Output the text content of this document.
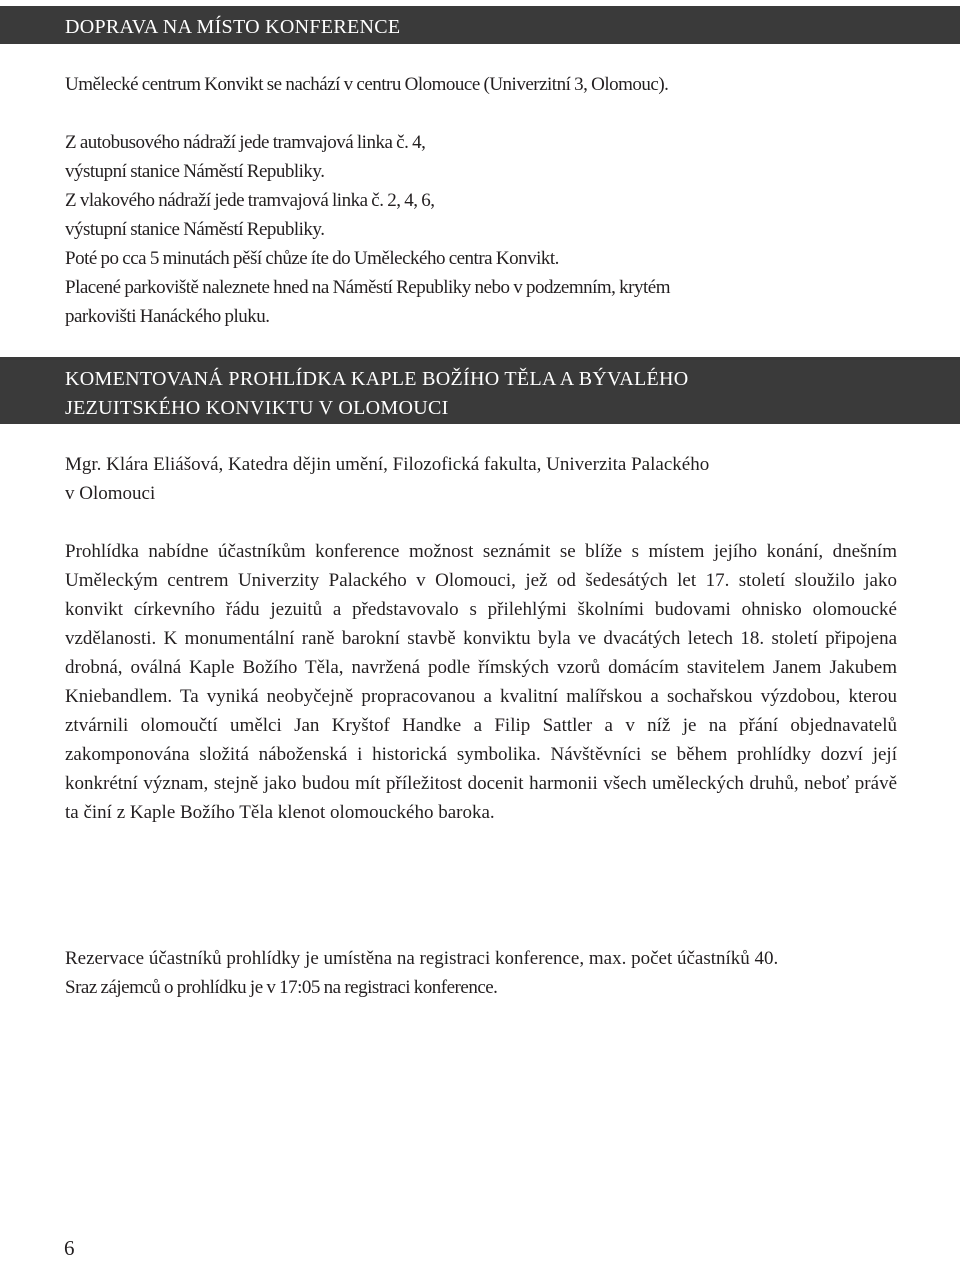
DOPRAVA NA MÍSTO KONFERENCE

Umělecké centrum Konvikt se nachází v centru Olomouce (Univerzitní 3, Olomouc).

Z autobusového nádraží jede tramvajová linka č. 4,

výstupní stanice Náměstí Republiky.

Z vlakového nádraží jede tramvajová linka č. 2, 4, 6,

výstupní stanice Náměstí Republiky.

Poté po cca 5 minutách pěší chůze íte do Uměleckého centra Konvikt.

Placené parkoviště naleznete hned na Náměstí Republiky nebo v podzemním, krytém

parkovišti Hanáckého pluku.

KOMENTOVANÁ PROHLÍDKA KAPLE BOŽÍHO TĚLA A BÝVALÉHO
JEZUITSKÉHO KONVIKTU V OLOMOUCI

Mgr. Klára Eliášová, Katedra dějin umění, Filozofická fakulta, Univerzita Palackého

v Olomouci

Prohlídka nabídne účastníkům konference možnost seznámit se blíže s místem jejího konání, dnešním Uměleckým centrem Univerzity Palackého v Olomouci, jež od šedesátých let 17. století sloužilo jako konvikt církevního řádu jezuitů a představovalo s přilehlými školními budovami ohnisko olomoucké vzdělanosti. K monumentální raně barokní stavbě konviktu byla ve dvacátých letech 18. století připojena drobná, oválná Kaple Božího Těla, navržená podle římských vzorů domácím stavitelem Janem Jakubem Kniebandlem. Ta vyniká neobyčejně propracovanou a kvalitní malířskou a sochařskou výzdobou, kterou ztvárnili olomoučtí umělci Jan Kryštof Handke a Filip Sattler a v níž je na přání objednavatelů zakomponována složitá náboženská i historická symbolika. Návštěvníci se během prohlídky dozví její konkrétní význam, stejně jako budou mít příležitost docenit harmonii všech uměleckých druhů, neboť právě ta činí z Kaple Božího Těla klenot olomouckého baroka.

Rezervace účastníků prohlídky je umístěna na registraci konference, max. počet účastníků 40.

Sraz zájemců o prohlídku je v 17:05 na registraci konference.

6
